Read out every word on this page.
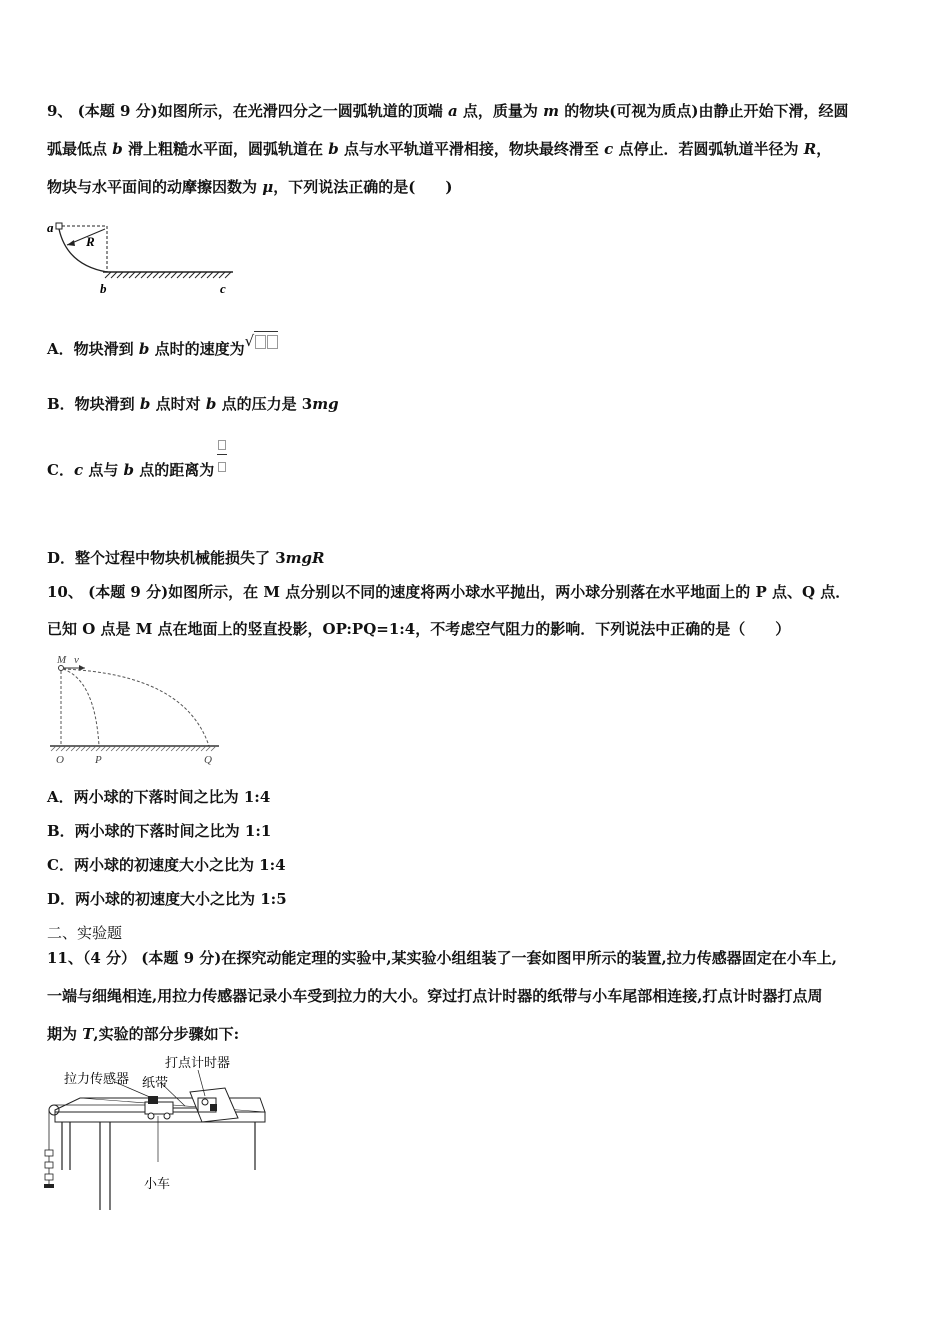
9、 (本题 9 分)如图所示，在光滑四分之一圆弧轨道的顶端 a 点，质量为 m 的物块(可视为质点)由静止开始下滑，经圆
弧最低点 b 滑上粗糙水平面，圆弧轨道在 b 点与水平轨道平滑相接，物块最终滑至 c 点停止．若圆弧轨道半径为 R，
物块与水平面间的动摩擦因数为 μ，下列说法正确的是(　　)
a
R
b	c
A．物块滑到 b 点时的速度为√
B．物块滑到 b 点时对 b 点的压力是 3mg
C．c 点与 b 点的距离为
D．整个过程中物块机械能损失了 3mgR
10、 (本题 9 分)如图所示，在 M 点分别以不同的速度将两小球水平抛出，两小球分别落在水平地面上的 P 点、Q 点．
已知 O 点是 M 点在地面上的竖直投影，OP:PQ=1:4，不考虑空气阻力的影响．下列说法中正确的是（　　）
M v
O	P	Q
A．两小球的下落时间之比为 1:4
B．两小球的下落时间之比为 1:1
C．两小球的初速度大小之比为 1:4
D．两小球的初速度大小之比为 1:5
二、实验题
11、（4 分） (本题 9 分)在探究动能定理的实验中,某实验小组组装了一套如图甲所示的装置,拉力传感器固定在小车上,
一端与细绳相连,用拉力传感器记录小车受到拉力的大小。穿过打点计时器的纸带与小车尾部相连接,打点计时器打点周
期为 T,实验的部分步骤如下:
打点计时器
拉力传感器 纸带
小车
